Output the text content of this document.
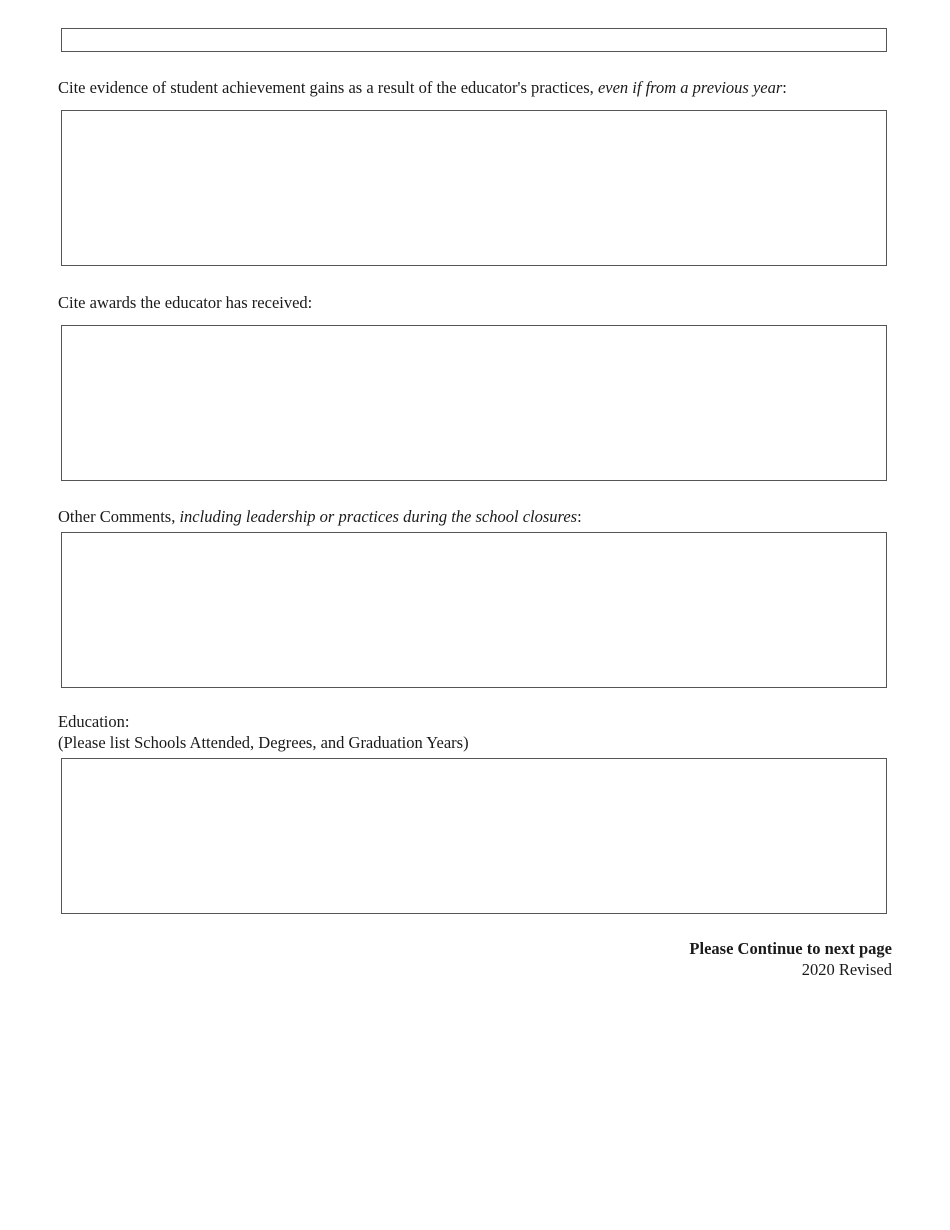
Cite evidence of student achievement gains as a result of the educator's practices, even if from a previous year:
Cite awards the educator has received:
Other Comments, including leadership or practices during the school closures:
Education:
(Please list Schools Attended, Degrees, and Graduation Years)
Please Continue to next page
2020 Revised
